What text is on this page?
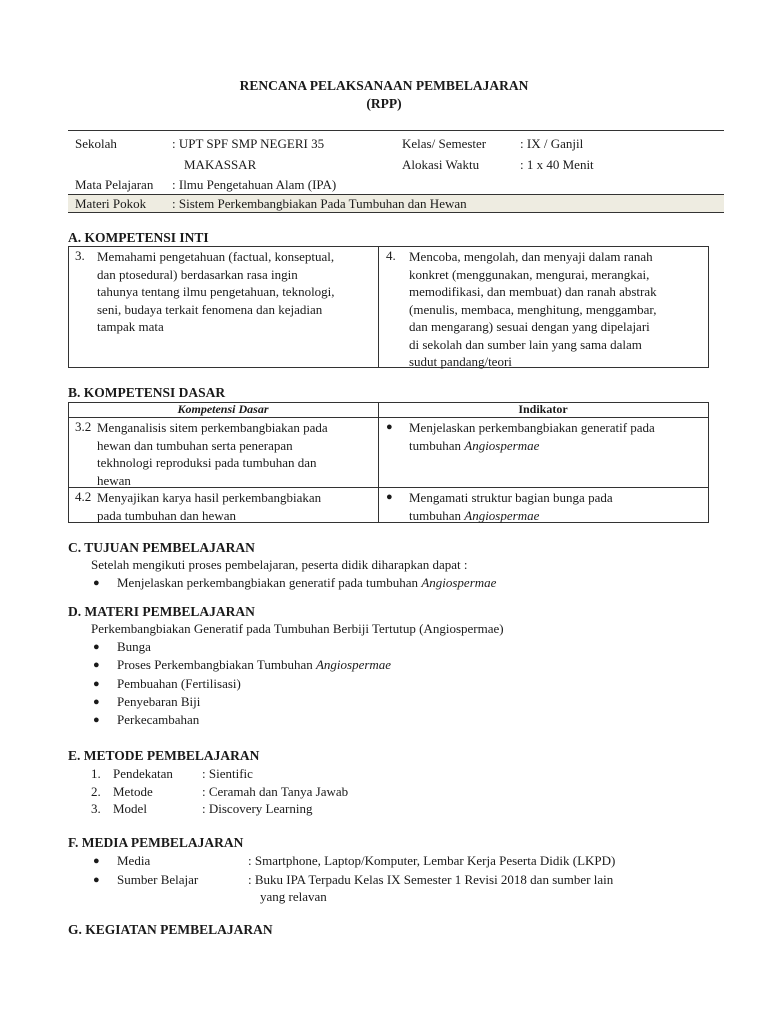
RENCANA PELAKSANAAN PEMBELAJARAN
(RPP)
Sekolah	: UPT SPF SMP NEGERI 35
MAKASSAR
Kelas/ Semester	: IX / Ganjil
Alokasi Waktu	: 1 x 40 Menit
Mata Pelajaran : Ilmu Pengetahuan Alam (IPA)
Materi Pokok : Sistem Perkembangbiakan Pada Tumbuhan dan Hewan
A. KOMPETENSI INTI
3. Memahami pengetahuan (factual, konseptual,
dan ptosedural) berdasarkan rasa ingin
tahunya tentang ilmu pengetahuan, teknologi,
seni, budaya terkait fenomena dan kejadian
tampak mata
4. Mencoba, mengolah, dan menyaji dalam ranah
konkret (menggunakan, mengurai, merangkai,
memodifikasi, dan membuat) dan ranah abstrak
(menulis, membaca, menghitung, menggambar,
dan mengarang) sesuai dengan yang dipelajari
di sekolah dan sumber lain yang sama dalam
sudut pandang/teori
B. KOMPETENSI DASAR
Kompetensi Dasar	Indikator
3.2 Menganalisis sitem perkembangbiakan pada
hewan dan tumbuhan serta penerapan
tekhnologi reproduksi pada tumbuhan dan
hewan
● Menjelaskan perkembangbiakan generatif pada
tumbuhan Angiospermae
4.2 Menyajikan karya hasil perkembangbiakan
pada tumbuhan dan hewan
● Mengamati struktur bagian bunga pada
tumbuhan Angiospermae
C. TUJUAN PEMBELAJARAN
Setelah mengikuti proses pembelajaran, peserta didik diharapkan dapat :
● Menjelaskan perkembangbiakan generatif pada tumbuhan Angiospermae
D. MATERI PEMBELAJARAN
Perkembangbiakan Generatif pada Tumbuhan Berbiji Tertutup (Angiospermae)
● Bunga
● Proses Perkembangbiakan Tumbuhan Angiospermae
● Pembuahan (Fertilisasi)
● Penyebaran Biji
● Perkecambahan
E. METODE PEMBELAJARAN
1. Pendekatan : Sientific
2. Metode	: Ceramah dan Tanya Jawab
3. Model	: Discovery Learning
F. MEDIA PEMBELAJARAN
● Media	: Smartphone, Laptop/Komputer, Lembar Kerja Peserta Didik (LKPD)
● Sumber Belajar	: Buku IPA Terpadu Kelas IX Semester 1 Revisi 2018 dan sumber lain
yang relavan
G. KEGIATAN PEMBELAJARAN
